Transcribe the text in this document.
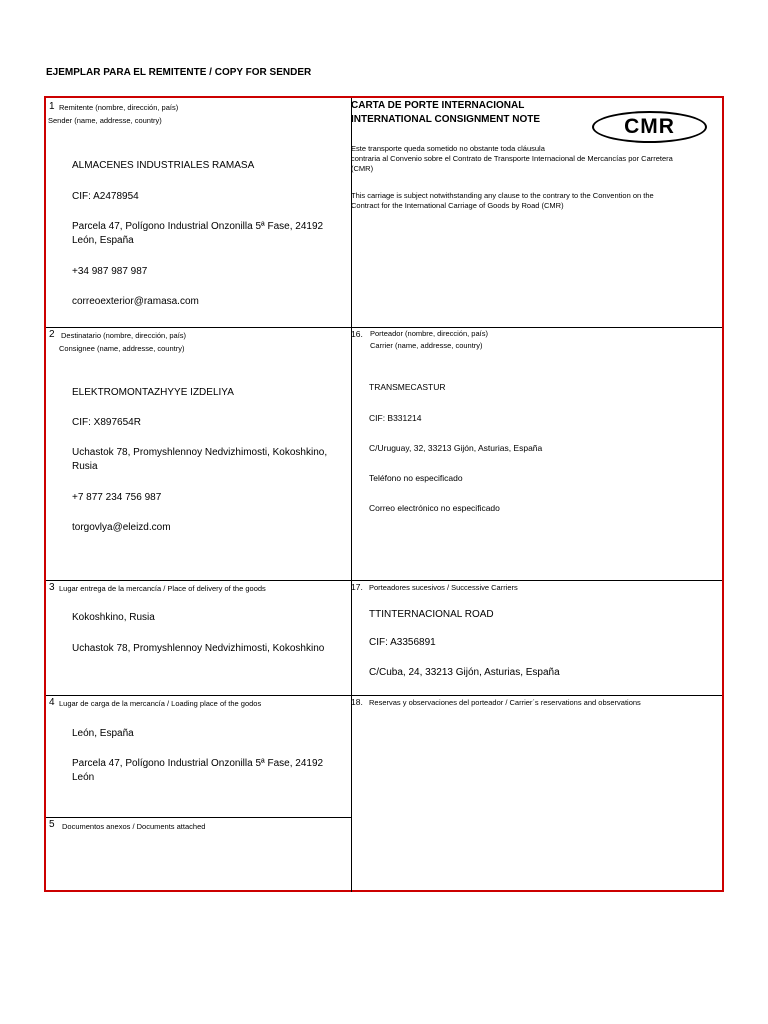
EJEMPLAR PARA EL REMITENTE / COPY FOR SENDER
1 Remitente (nombre, dirección, país)
Sender (name, addresse, country)
ALMACENES INDUSTRIALES RAMASA
CIF: A2478954
Parcela 47, Polígono Industrial Onzonilla 5ª Fase, 24192
León, España
+34 987 987 987
correoexterior@ramasa.com
CARTA DE PORTE INTERNACIONAL
INTERNATIONAL CONSIGNMENT NOTE	CMR
Este transporte queda sometido no obstante toda cláusula
contraria al Convenio sobre el Contrato de Transporte Internacional de Mercancías por Carretera
(CMR)
This carriage is subject notwithstanding any clause to the contrary to the Convention on the
Contract for the International Carriage of Goods by Road (CMR)
2 Destinatario (nombre, dirección, país)
Consignee (name, addresse, country)
ELEKTROMONTAZHYYE IZDELIYA
CIF: X897654R
Uchastok 78, Promyshlennoy Nedvizhimosti, Kokoshkino,
Rusia
+7 877 234 756 987
torgovlya@eleizd.com
16. Porteador (nombre, dirección, país)
Carrier (name, addresse, country)
TRANSMECASTUR
CIF: B331214
C/Uruguay, 32, 33213 Gijón, Asturias, España
Teléfono no especificado
Correo electrónico no especificado
3 Lugar entrega de la mercancía / Place of delivery of the goods
Kokoshkino, Rusia
Uchastok 78, Promyshlennoy Nedvizhimosti, Kokoshkino
17. Porteadores sucesivos / Successive Carriers
TTINTERNACIONAL ROAD
CIF: A3356891
C/Cuba, 24, 33213 Gijón, Asturias, España
4 Lugar de carga de la mercancía / Loading place of the godos
León, España
Parcela 47, Polígono Industrial Onzonilla 5ª Fase, 24192
León
18. Reservas y observaciones del porteador / Carrier´s reservations and observations
5 Documentos anexos / Documents attached
